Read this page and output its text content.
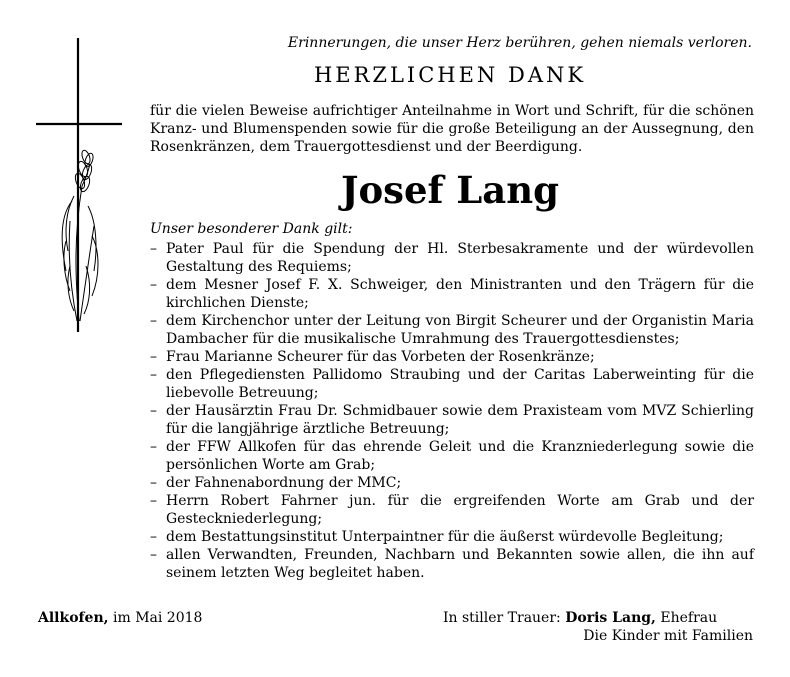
Erinnerungen, die unser Herz berühren, gehen niemals verloren.
HERZLICHEN DANK
für die vielen Beweise aufrichtiger Anteilnahme in Wort und Schrift, für die schönen Kranz- und Blumenspenden sowie für die große Beteiligung an der Aussegnung, den Rosenkränzen, dem Trauergottesdienst und der Beerdigung.
Josef Lang
Unser besonderer Dank gilt:
– Pater Paul für die Spendung der Hl. Sterbesakramente und der würdevollen Gestaltung des Requiems;
– dem Mesner Josef F. X. Schweiger, den Ministranten und den Trägern für die kirchlichen Dienste;
– dem Kirchenchor unter der Leitung von Birgit Scheurer und der Organistin Maria Dambacher für die musikalische Umrahmung des Trauergottesdienstes;
– Frau Marianne Scheurer für das Vorbeten der Rosenkränze;
– den Pflegediensten Pallidomo Straubing und der Caritas Laberweinting für die liebevolle Betreuung;
– der Hausärztin Frau Dr. Schmidbauer sowie dem Praxisteam vom MVZ Schierling für die langjährige ärztliche Betreuung;
– der FFW Allkofen für das ehrende Geleit und die Kranzniederlegung sowie die persönlichen Worte am Grab;
– der Fahnenabordnung der MMC;
– Herrn Robert Fahrner jun. für die ergreifenden Worte am Grab und der Gesteckniederlegung;
– dem Bestattungsinstitut Unterpaintner für die äußerst würdevolle Begleitung;
– allen Verwandten, Freunden, Nachbarn und Bekannten sowie allen, die ihn auf seinem letzten Weg begleitet haben.
Allkofen, im Mai 2018	In stiller Trauer: Doris Lang, Ehefrau
Die Kinder mit Familien
